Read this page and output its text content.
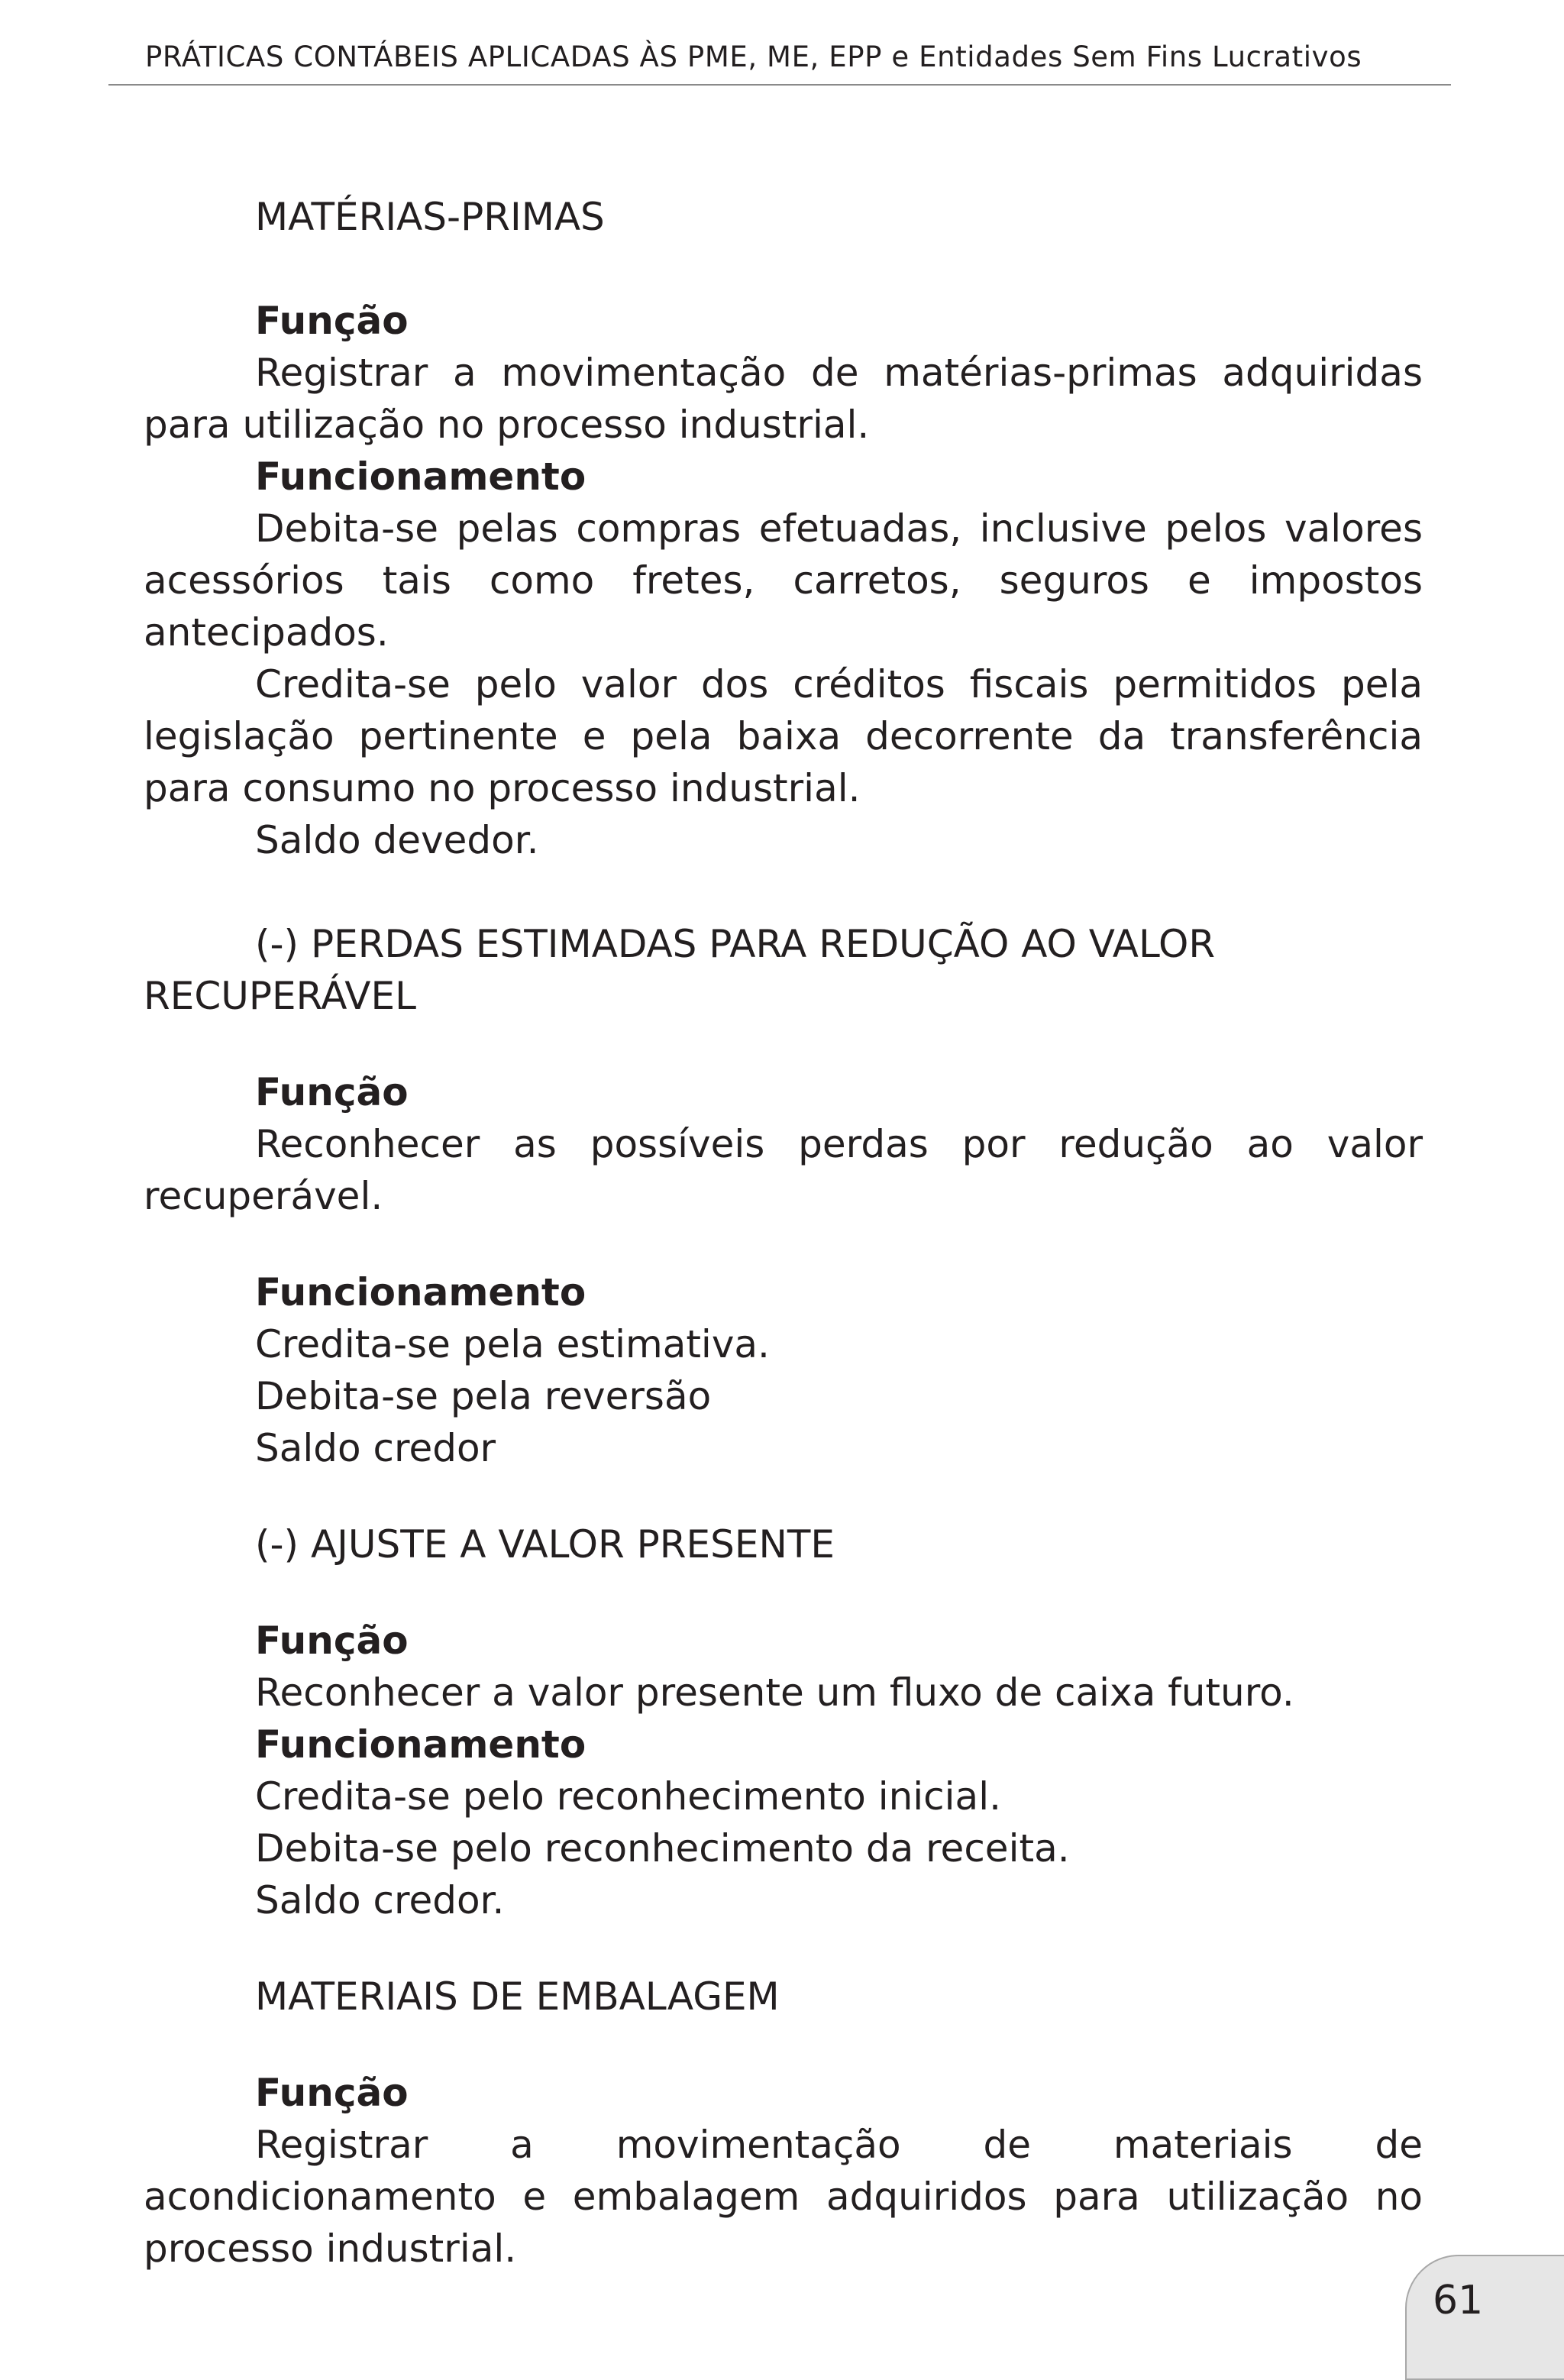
PRÁTICAS CONTÁBEIS APLICADAS ÀS PME, ME, EPP e Entidades Sem Fins Lucrativos
MATÉRIAS-PRIMAS

Função

Registrar a movimentação de matérias-primas adquiridas para utilização no processo industrial.

Funcionamento

Debita-se pelas compras efetuadas, inclusive pelos valores acessórios tais como fretes, carretos, seguros e impostos antecipados.

Credita-se pelo valor dos créditos fiscais permitidos pela legislação pertinente e pela baixa decorrente da transferência para consumo no processo industrial.

Saldo devedor.

(-) PERDAS ESTIMADAS PARA REDUÇÃO AO VALOR RECUPERÁVEL

Função

Reconhecer as possíveis perdas por redução ao valor recuperável.

Funcionamento

Credita-se pela estimativa.

Debita-se pela reversão

Saldo credor

(-) AJUSTE A VALOR PRESENTE

Função

Reconhecer a valor presente um fluxo de caixa futuro.

Funcionamento

Credita-se pelo reconhecimento inicial.

Debita-se pelo reconhecimento da receita.

Saldo credor.

MATERIAIS DE EMBALAGEM

Função

Registrar a movimentação de materiais de acondicionamento e embalagem adquiridos para utilização no processo industrial.

61
